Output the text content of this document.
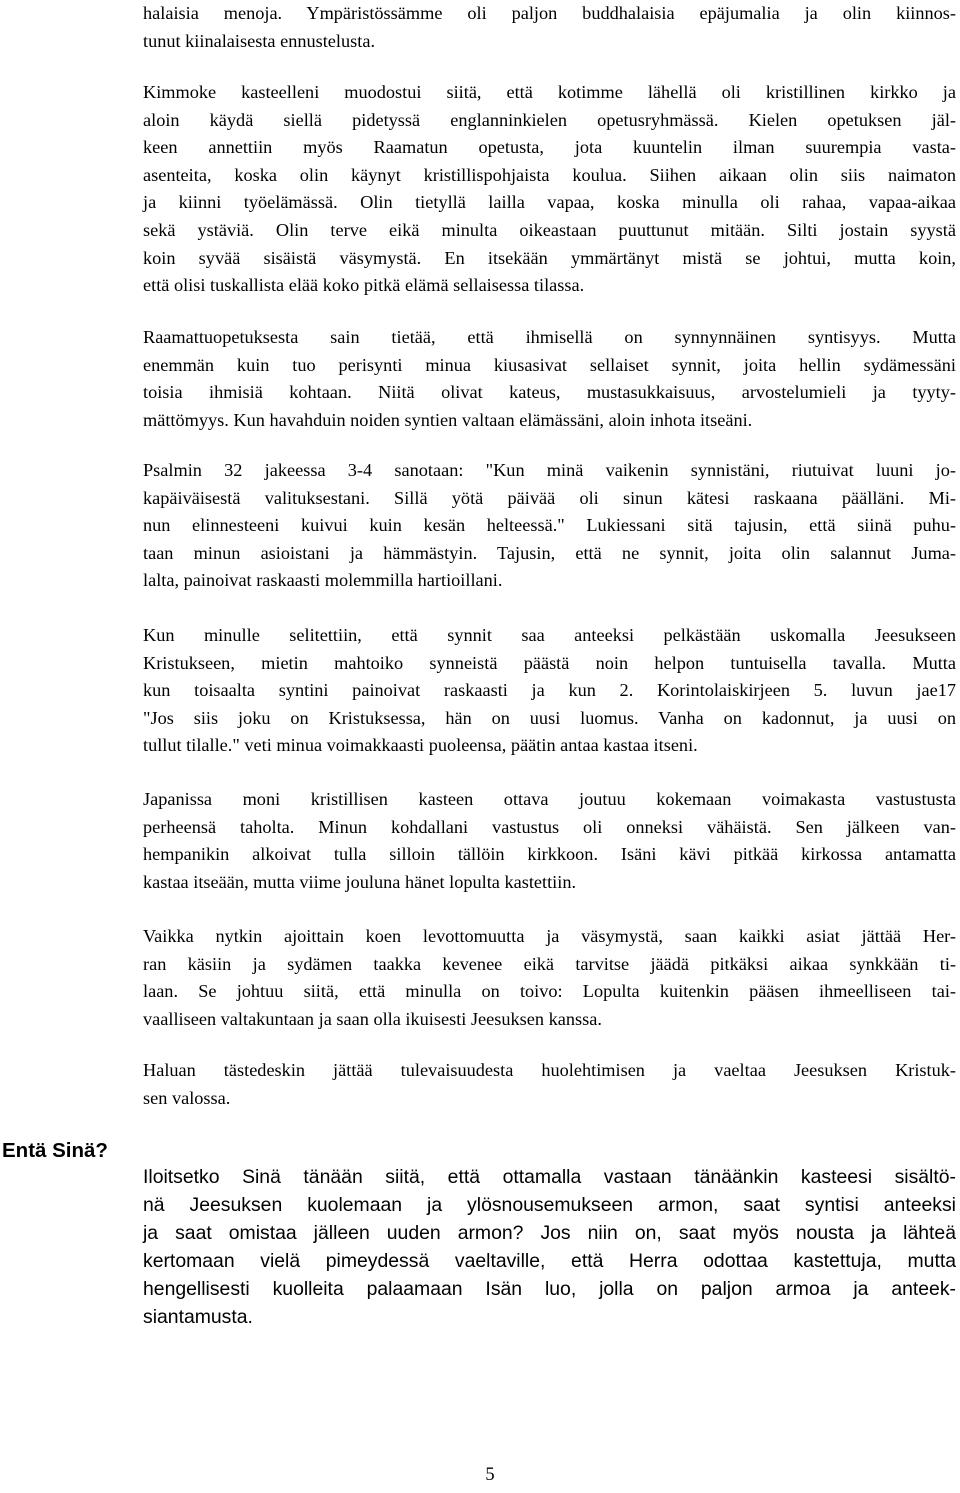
halaisia menoja. Ympäristössämme oli paljon buddhalaisia epäjumalia ja olin kiinnos-
tunut kiinalaisesta ennustelusta.
Kimmoke kasteelleni muodostui siitä, että kotimme lähellä oli kristillinen kirkko ja
aloin käydä siellä pidetyssä englanninkielen opetusryhmässä. Kielen opetuksen jäl-
keen annettiin myös Raamatun opetusta, jota kuuntelin ilman suurempia vasta-
asenteita, koska olin käynyt kristillispohjaista koulua. Siihen aikaan olin siis naimaton
ja kiinni työelämässä. Olin tietyllä lailla vapaa, koska minulla oli rahaa, vapaa-aikaa
sekä ystäviä. Olin terve eikä minulta oikeastaan puuttunut mitään. Silti jostain syystä
koin syvää sisäistä väsymystä. En itsekään ymmärtänyt mistä se johtui, mutta koin,
että olisi tuskallista elää koko pitkä elämä sellaisessa tilassa.
Raamattuopetuksesta sain tietää, että ihmisellä on synnynnäinen syntisyys. Mutta
enemmän kuin tuo perisynti minua kiusasivat sellaiset synnit, joita hellin sydämessäni
toisia ihmisiä kohtaan. Niitä olivat kateus, mustasukkaisuus, arvostelumieli ja tyyty-
mättömyys. Kun havahduin noiden syntien valtaan elämässäni, aloin inhota itseäni.
Psalmin 32 jakeessa 3-4 sanotaan: "Kun minä vaikenin synnistäni, riutuivat luuni jo-
kapäiväisestä valituksestani. Sillä yötä päivää oli sinun kätesi raskaana päälläni. Mi-
nun elinnesteeni kuivui kuin kesän helteessä." Lukiessani sitä tajusin, että siinä puhu-
taan minun asioistani ja hämmästyin. Tajusin, että ne synnit, joita olin salannut Juma-
lalta, painoivat raskaasti molemmilla hartioillani.
Kun minulle selitettiin, että synnit saa anteeksi pelkästään uskomalla Jeesukseen
Kristukseen, mietin mahtoiko synneistä päästä noin helpon tuntuisella tavalla. Mutta
kun toisaalta syntini painoivat raskaasti ja kun 2. Korintolaiskirjeen 5. luvun jae17
"Jos siis joku on Kristuksessa, hän on uusi luomus. Vanha on kadonnut, ja uusi on
tullut tilalle." veti minua voimakkaasti puoleensa, päätin antaa kastaa itseni.
Japanissa moni kristillisen kasteen ottava joutuu kokemaan voimakasta vastustusta
perheensä taholta. Minun kohdallani vastustus oli onneksi vähäistä. Sen jälkeen van-
hempanikin alkoivat tulla silloin tällöin kirkkoon. Isäni kävi pitkää kirkossa antamatta
kastaa itseään, mutta viime jouluna hänet lopulta kastettiin.
Vaikka nytkin ajoittain koen levottomuutta ja väsymystä, saan kaikki asiat jättää Her-
ran käsiin ja sydämen taakka kevenee eikä tarvitse jäädä pitkäksi aikaa synkkään ti-
laan. Se johtuu siitä, että minulla on toivo: Lopulta kuitenkin pääsen ihmeelliseen tai-
vaalliseen valtakuntaan ja saan olla ikuisesti Jeesuksen kanssa.
Haluan tästedeskin jättää tulevaisuudesta huolehtimisen ja vaeltaa Jeesuksen Kristuk-
sen valossa.
Entä Sinä?
Iloitsetko Sinä tänään siitä, että ottamalla vastaan tänäänkin kasteesi sisältö-
nä Jeesuksen kuolemaan ja ylösnousemukseen armon, saat syntisi anteeksi
ja saat omistaa jälleen uuden armon? Jos niin on, saat myös nousta ja lähteä
kertomaan vielä pimeydessä vaeltaville, että Herra odottaa kastettuja, mutta
hengellisesti kuolleita palaamaan Isän luo, jolla on paljon armoa ja anteek-
siantamusta.
5
